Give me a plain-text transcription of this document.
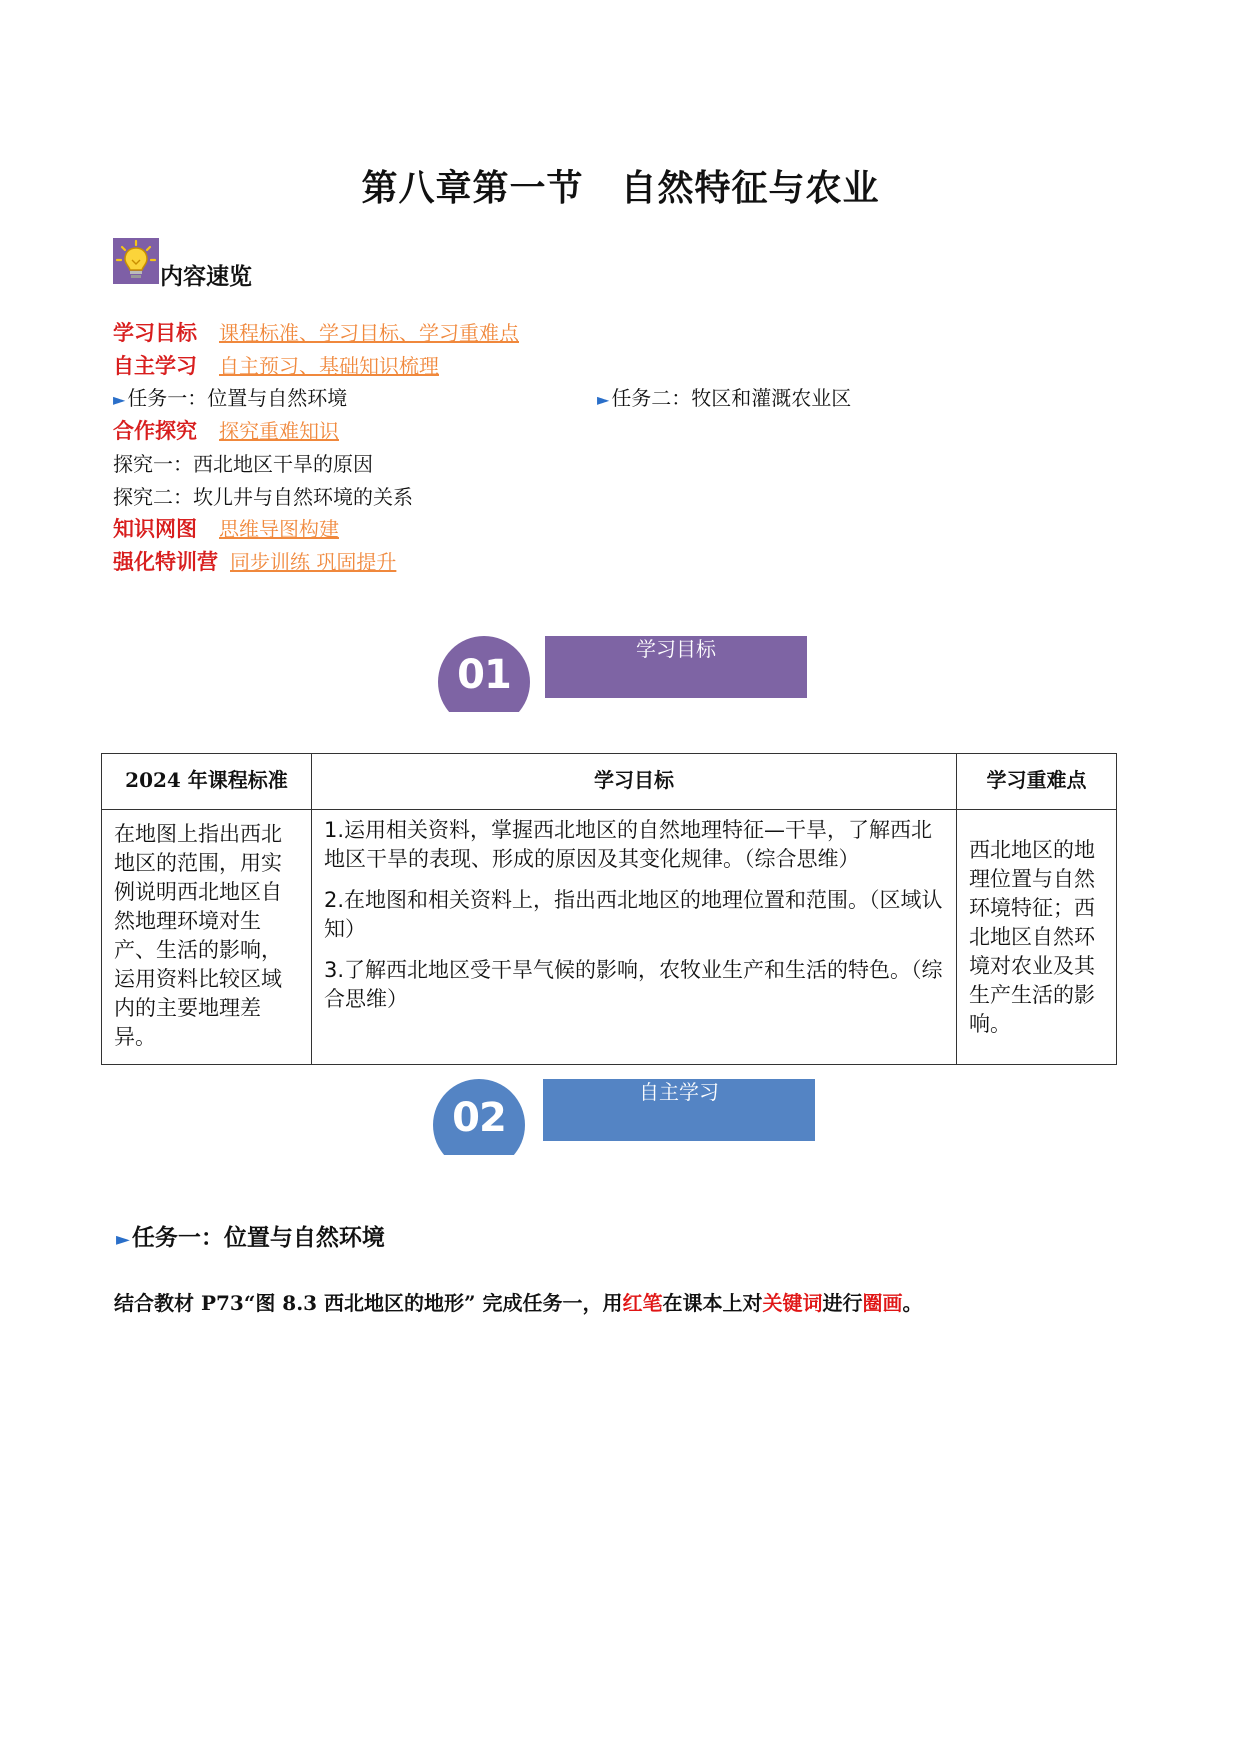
第八章第一节　自然特征与农业
内容速览
学习目标 课程标准、学习目标、学习重难点
自主学习 自主预习、基础知识梳理
► 任务一：位置与自然环境	► 任务二：牧区和灌溉农业区
合作探究 探究重难知识
探究一：西北地区干旱的原因
探究二：坎儿井与自然环境的关系
知识网图 思维导图构建
强化特训营 同步训练 巩固提升
01
学习目标
2024 年课程标准	学习目标	学习重难点
在地图上指出西北地区的范围，用实例说明西北地区自然地理环境对生产、生活的影响，运用资料比较区域内的主要地理差异。	1.运用相关资料，掌握西北地区的自然地理特征—干旱，了解西北地区干旱的表现、形成的原因及其变化规律。（综合思维）

2.在地图和相关资料上，指出西北地区的地理位置和范围。（区域认知）

3.了解西北地区受干旱气候的影响，农牧业生产和生活的特色。（综合思维）	西北地区的地理位置与自然环境特征；西北地区自然环境对农业及其生产生活的影响。
02
自主学习
►任务一：位置与自然环境
结合教材 P73“图 8.3 西北地区的地形” 完成任务一，用红笔在课本上对关键词进行圈画。
